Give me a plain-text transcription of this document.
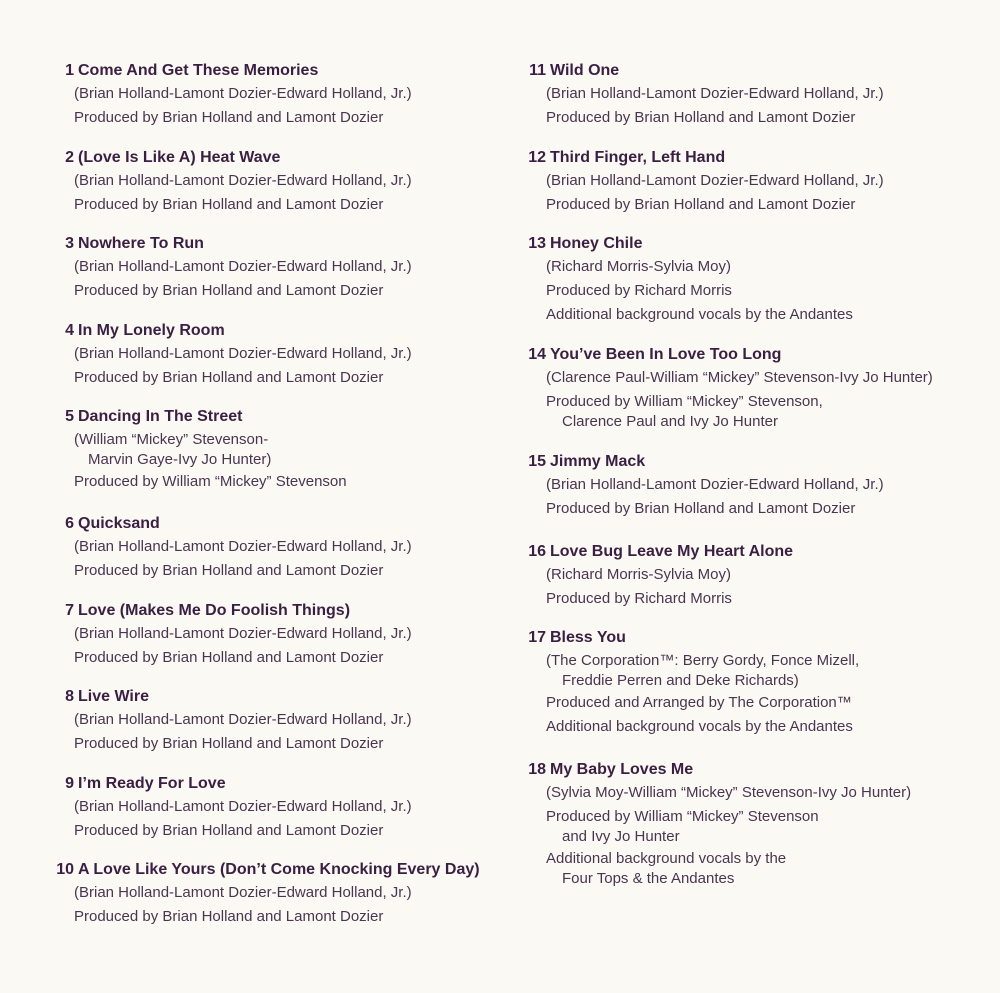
1 Come And Get These Memories
(Brian Holland-Lamont Dozier-Edward Holland, Jr.)
Produced by Brian Holland and Lamont Dozier
2 (Love Is Like A) Heat Wave
(Brian Holland-Lamont Dozier-Edward Holland, Jr.)
Produced by Brian Holland and Lamont Dozier
3 Nowhere To Run
(Brian Holland-Lamont Dozier-Edward Holland, Jr.)
Produced by Brian Holland and Lamont Dozier
4 In My Lonely Room
(Brian Holland-Lamont Dozier-Edward Holland, Jr.)
Produced by Brian Holland and Lamont Dozier
5 Dancing In The Street
(William “Mickey” Stevenson-
Marvin Gaye-Ivy Jo Hunter)
Produced by William “Mickey” Stevenson
6 Quicksand
(Brian Holland-Lamont Dozier-Edward Holland, Jr.)
Produced by Brian Holland and Lamont Dozier
7 Love (Makes Me Do Foolish Things)
(Brian Holland-Lamont Dozier-Edward Holland, Jr.)
Produced by Brian Holland and Lamont Dozier
8 Live Wire
(Brian Holland-Lamont Dozier-Edward Holland, Jr.)
Produced by Brian Holland and Lamont Dozier
9 I’m Ready For Love
(Brian Holland-Lamont Dozier-Edward Holland, Jr.)
Produced by Brian Holland and Lamont Dozier
10 A Love Like Yours (Don’t Come Knocking Every Day)
(Brian Holland-Lamont Dozier-Edward Holland, Jr.)
Produced by Brian Holland and Lamont Dozier
11 Wild One
(Brian Holland-Lamont Dozier-Edward Holland, Jr.)
Produced by Brian Holland and Lamont Dozier
12 Third Finger, Left Hand
(Brian Holland-Lamont Dozier-Edward Holland, Jr.)
Produced by Brian Holland and Lamont Dozier
13 Honey Chile
(Richard Morris-Sylvia Moy)
Produced by Richard Morris
Additional background vocals by the Andantes
14 You’ve Been In Love Too Long
(Clarence Paul-William “Mickey” Stevenson-Ivy Jo Hunter)
Produced by William “Mickey” Stevenson,
Clarence Paul and Ivy Jo Hunter
15 Jimmy Mack
(Brian Holland-Lamont Dozier-Edward Holland, Jr.)
Produced by Brian Holland and Lamont Dozier
16 Love Bug Leave My Heart Alone
(Richard Morris-Sylvia Moy)
Produced by Richard Morris
17 Bless You
(The Corporation™: Berry Gordy, Fonce Mizell,
Freddie Perren and Deke Richards)
Produced and Arranged by The Corporation™
Additional background vocals by the Andantes
18 My Baby Loves Me
(Sylvia Moy-William “Mickey” Stevenson-Ivy Jo Hunter)
Produced by William “Mickey” Stevenson
and Ivy Jo Hunter
Additional background vocals by the
Four Tops & the Andantes
